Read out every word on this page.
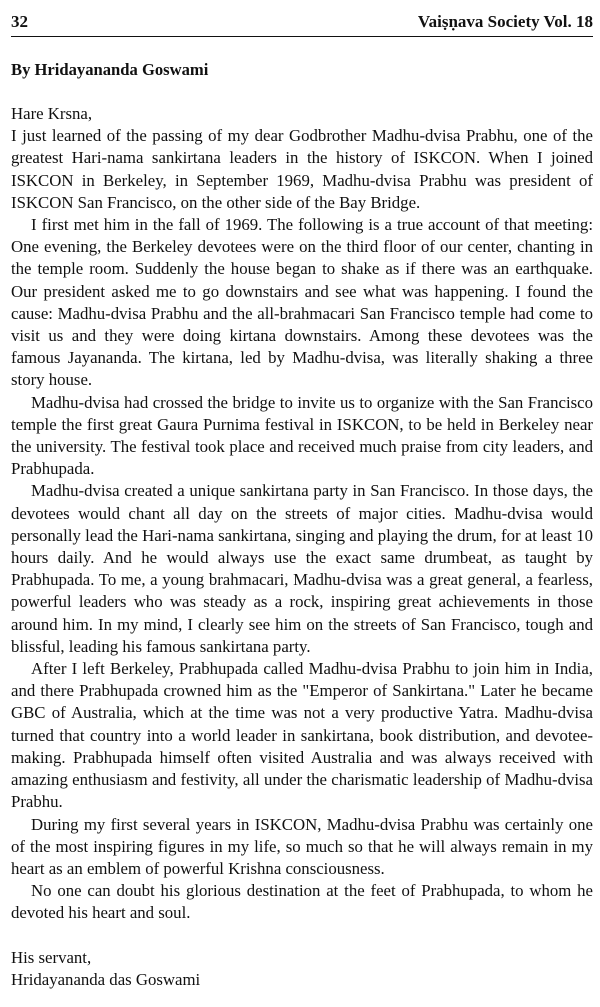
32	Vaiṣṇava Society Vol. 18
By Hridayananda Goswami
Hare Krsna,

I just learned of the passing of my dear Godbrother Madhu-dvisa Prabhu, one of the greatest Hari-nama sankirtana leaders in the history of ISKCON. When I joined ISKCON in Berkeley, in September 1969, Madhu-dvisa Prabhu was president of ISKCON San Francisco, on the other side of the Bay Bridge.

I first met him in the fall of 1969. The following is a true account of that meeting: One evening, the Berkeley devotees were on the third floor of our center, chanting in the temple room. Suddenly the house began to shake as if there was an earthquake. Our president asked me to go downstairs and see what was happening. I found the cause: Madhu-dvisa Prabhu and the all-brahmacari San Francisco temple had come to visit us and they were doing kirtana downstairs. Among these devotees was the famous Jayananda. The kirtana, led by Madhu-dvisa, was literally shaking a three story house.

Madhu-dvisa had crossed the bridge to invite us to organize with the San Francisco temple the first great Gaura Purnima festival in ISKCON, to be held in Berkeley near the university. The festival took place and received much praise from city leaders, and Prabhupada.

Madhu-dvisa created a unique sankirtana party in San Francisco. In those days, the devotees would chant all day on the streets of major cities. Madhu-dvisa would personally lead the Hari-nama sankirtana, singing and playing the drum, for at least 10 hours daily. And he would always use the exact same drumbeat, as taught by Prabhupada. To me, a young brahmacari, Madhu-dvisa was a great general, a fearless, powerful leaders who was steady as a rock, inspiring great achievements in those around him. In my mind, I clearly see him on the streets of San Francisco, tough and blissful, leading his famous sankirtana party.

After I left Berkeley, Prabhupada called Madhu-dvisa Prabhu to join him in India, and there Prabhupada crowned him as the "Emperor of Sankirtana." Later he became GBC of Australia, which at the time was not a very productive Yatra. Madhu-dvisa turned that country into a world leader in sankirtana, book distribution, and devotee-making. Prabhupada himself often visited Australia and was always received with amazing enthusiasm and festivity, all under the charismatic leadership of Madhu-dvisa Prabhu.

During my first several years in ISKCON, Madhu-dvisa Prabhu was certainly one of the most inspiring figures in my life, so much so that he will always remain in my heart as an emblem of powerful Krishna consciousness.

No one can doubt his glorious destination at the feet of Prabhupada, to whom he devoted his heart and soul.

His servant,
Hridayananda das Goswami
